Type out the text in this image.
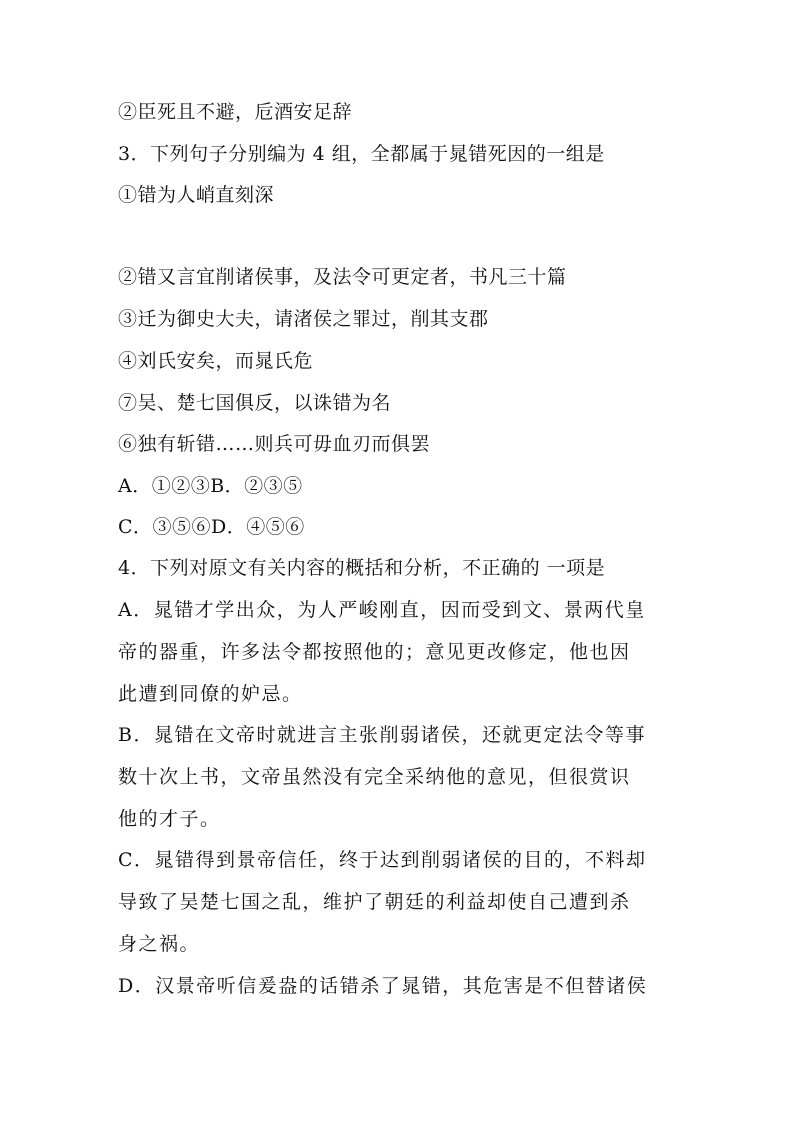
②臣死且不避，卮酒安足辞
3．下列句子分别编为 4 组，全都属于晁错死因的一组是
①错为人峭直刻深
②错又言宜削诸侯事，及法令可更定者，书凡三十篇
③迁为御史大夫，请渚侯之罪过，削其支郡
④刘氏安矣，而晁氏危
⑦吴、楚七国俱反，以诛错为名
⑥独有斩错……则兵可毋血刃而俱罢
A．①②③B．②③⑤
C．③⑤⑥D．④⑤⑥
4．下列对原文有关内容的概括和分析，不正确的 一项是
A．晁错才学出众，为人严峻刚直，因而受到文、景两代皇
帝的器重，许多法令都按照他的；意见更改修定，他也因
此遭到同僚的妒忌。
B．晁错在文帝时就进言主张削弱诸侯，还就更定法令等事
数十次上书，文帝虽然没有完全采纳他的意见，但很赏识
他的才子。
C．晁错得到景帝信任，终于达到削弱诸侯的目的，不料却
导致了吴楚七国之乱，维护了朝廷的利益却使自己遭到杀
身之祸。
D．汉景帝听信爰盎的话错杀了晁错，其危害是不但替诸侯
